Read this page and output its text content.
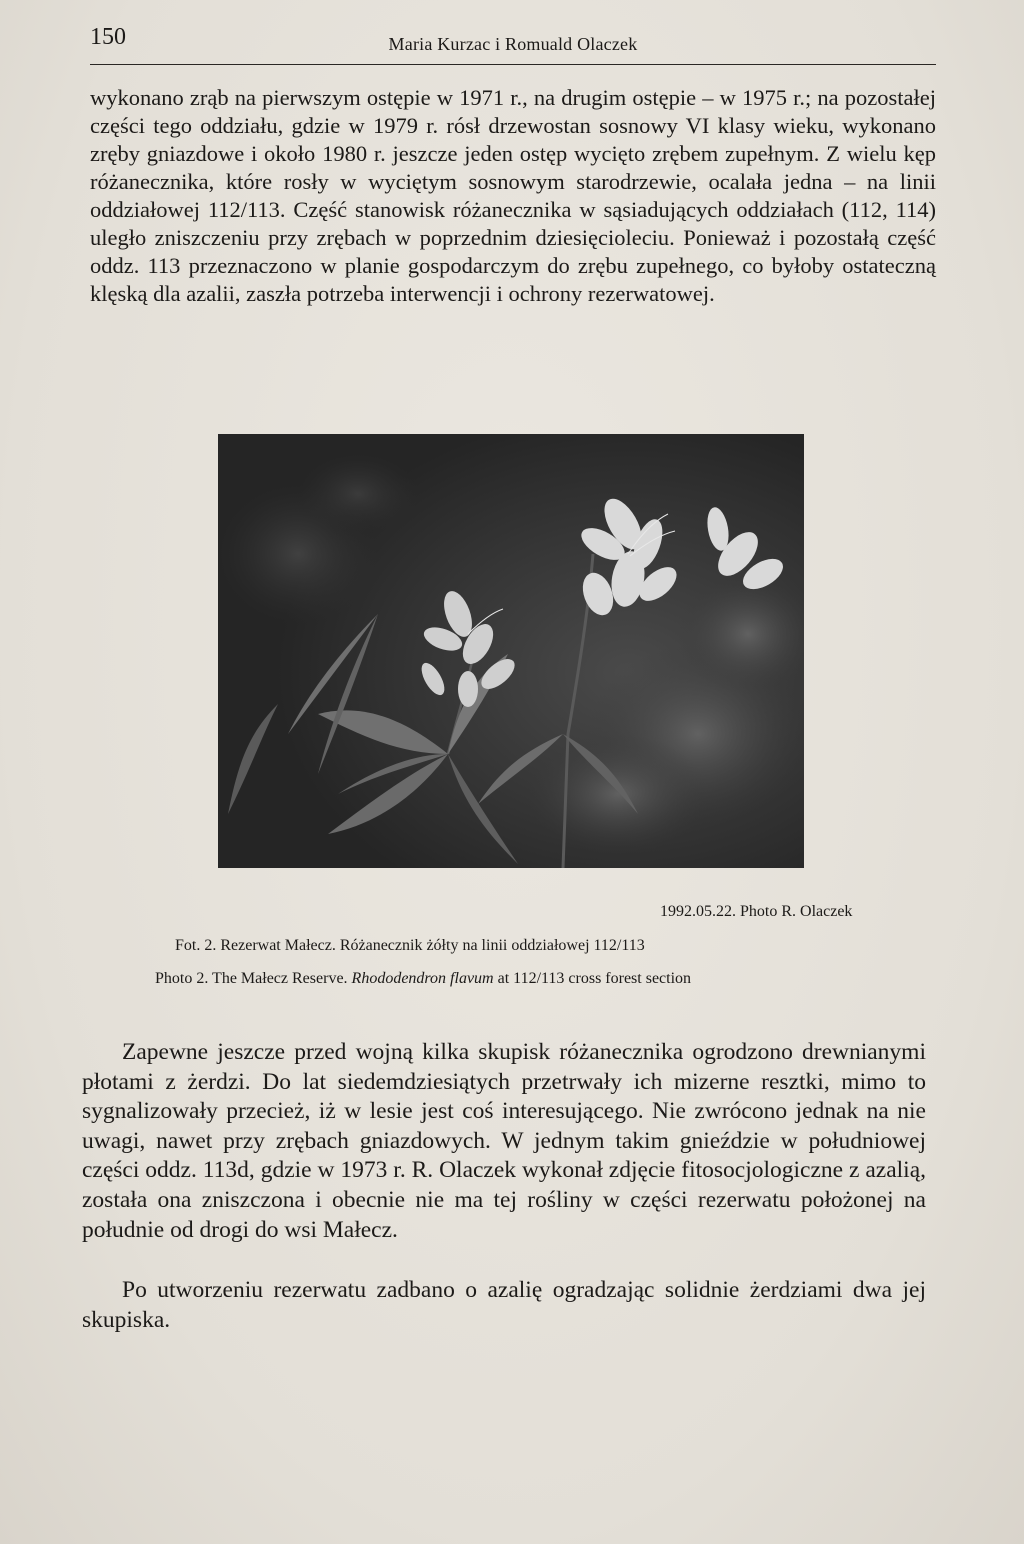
150	Maria Kurzac i Romuald Olaczek

wykonano zrąb na pierwszym ostępie w 1971 r., na drugim ostępie – w 1975 r.; na pozostałej części tego oddziału, gdzie w 1979 r. rósł drzewostan sosnowy VI klasy wieku, wykonano zręby gniazdowe i około 1980 r. jeszcze jeden ostęp wycięto zrębem zupełnym. Z wielu kęp różanecznika, które rosły w wyciętym sosnowym starodrzewie, ocalała jedna – na linii oddziałowej 112/113. Część stanowisk różanecznika w sąsiadujących oddziałach (112, 114) uległo zniszczeniu przy zrębach w poprzednim dziesięcioleciu. Ponieważ i pozostałą część oddz. 113 przeznaczono w planie gospodarczym do zrębu zupełnego, co byłoby ostateczną klęską dla azalii, zaszła potrzeba interwencji i ochrony rezerwatowej.

1992.05.22. Photo R. Olaczek
Fot. 2. Rezerwat Małecz. Różanecznik żółty na linii oddziałowej 112/113
Photo 2. The Małecz Reserve. Rhododendron flavum at 112/113 cross forest section

Zapewne jeszcze przed wojną kilka skupisk różanecznika ogrodzono drewnianymi płotami z żerdzi. Do lat siedemdziesiątych przetrwały ich mizerne resztki, mimo to sygnalizowały przecież, iż w lesie jest coś interesującego. Nie zwrócono jednak na nie uwagi, nawet przy zrębach gniazdowych. W jednym takim gnieździe w południowej części oddz. 113d, gdzie w 1973 r. R. Olaczek wykonał zdjęcie fitosocjologiczne z azalią, została ona zniszczona i obecnie nie ma tej rośliny w części rezerwatu położonej na południe od drogi do wsi Małecz.

Po utworzeniu rezerwatu zadbano o azalię ogradzając solidnie żerdziami dwa jej skupiska.
